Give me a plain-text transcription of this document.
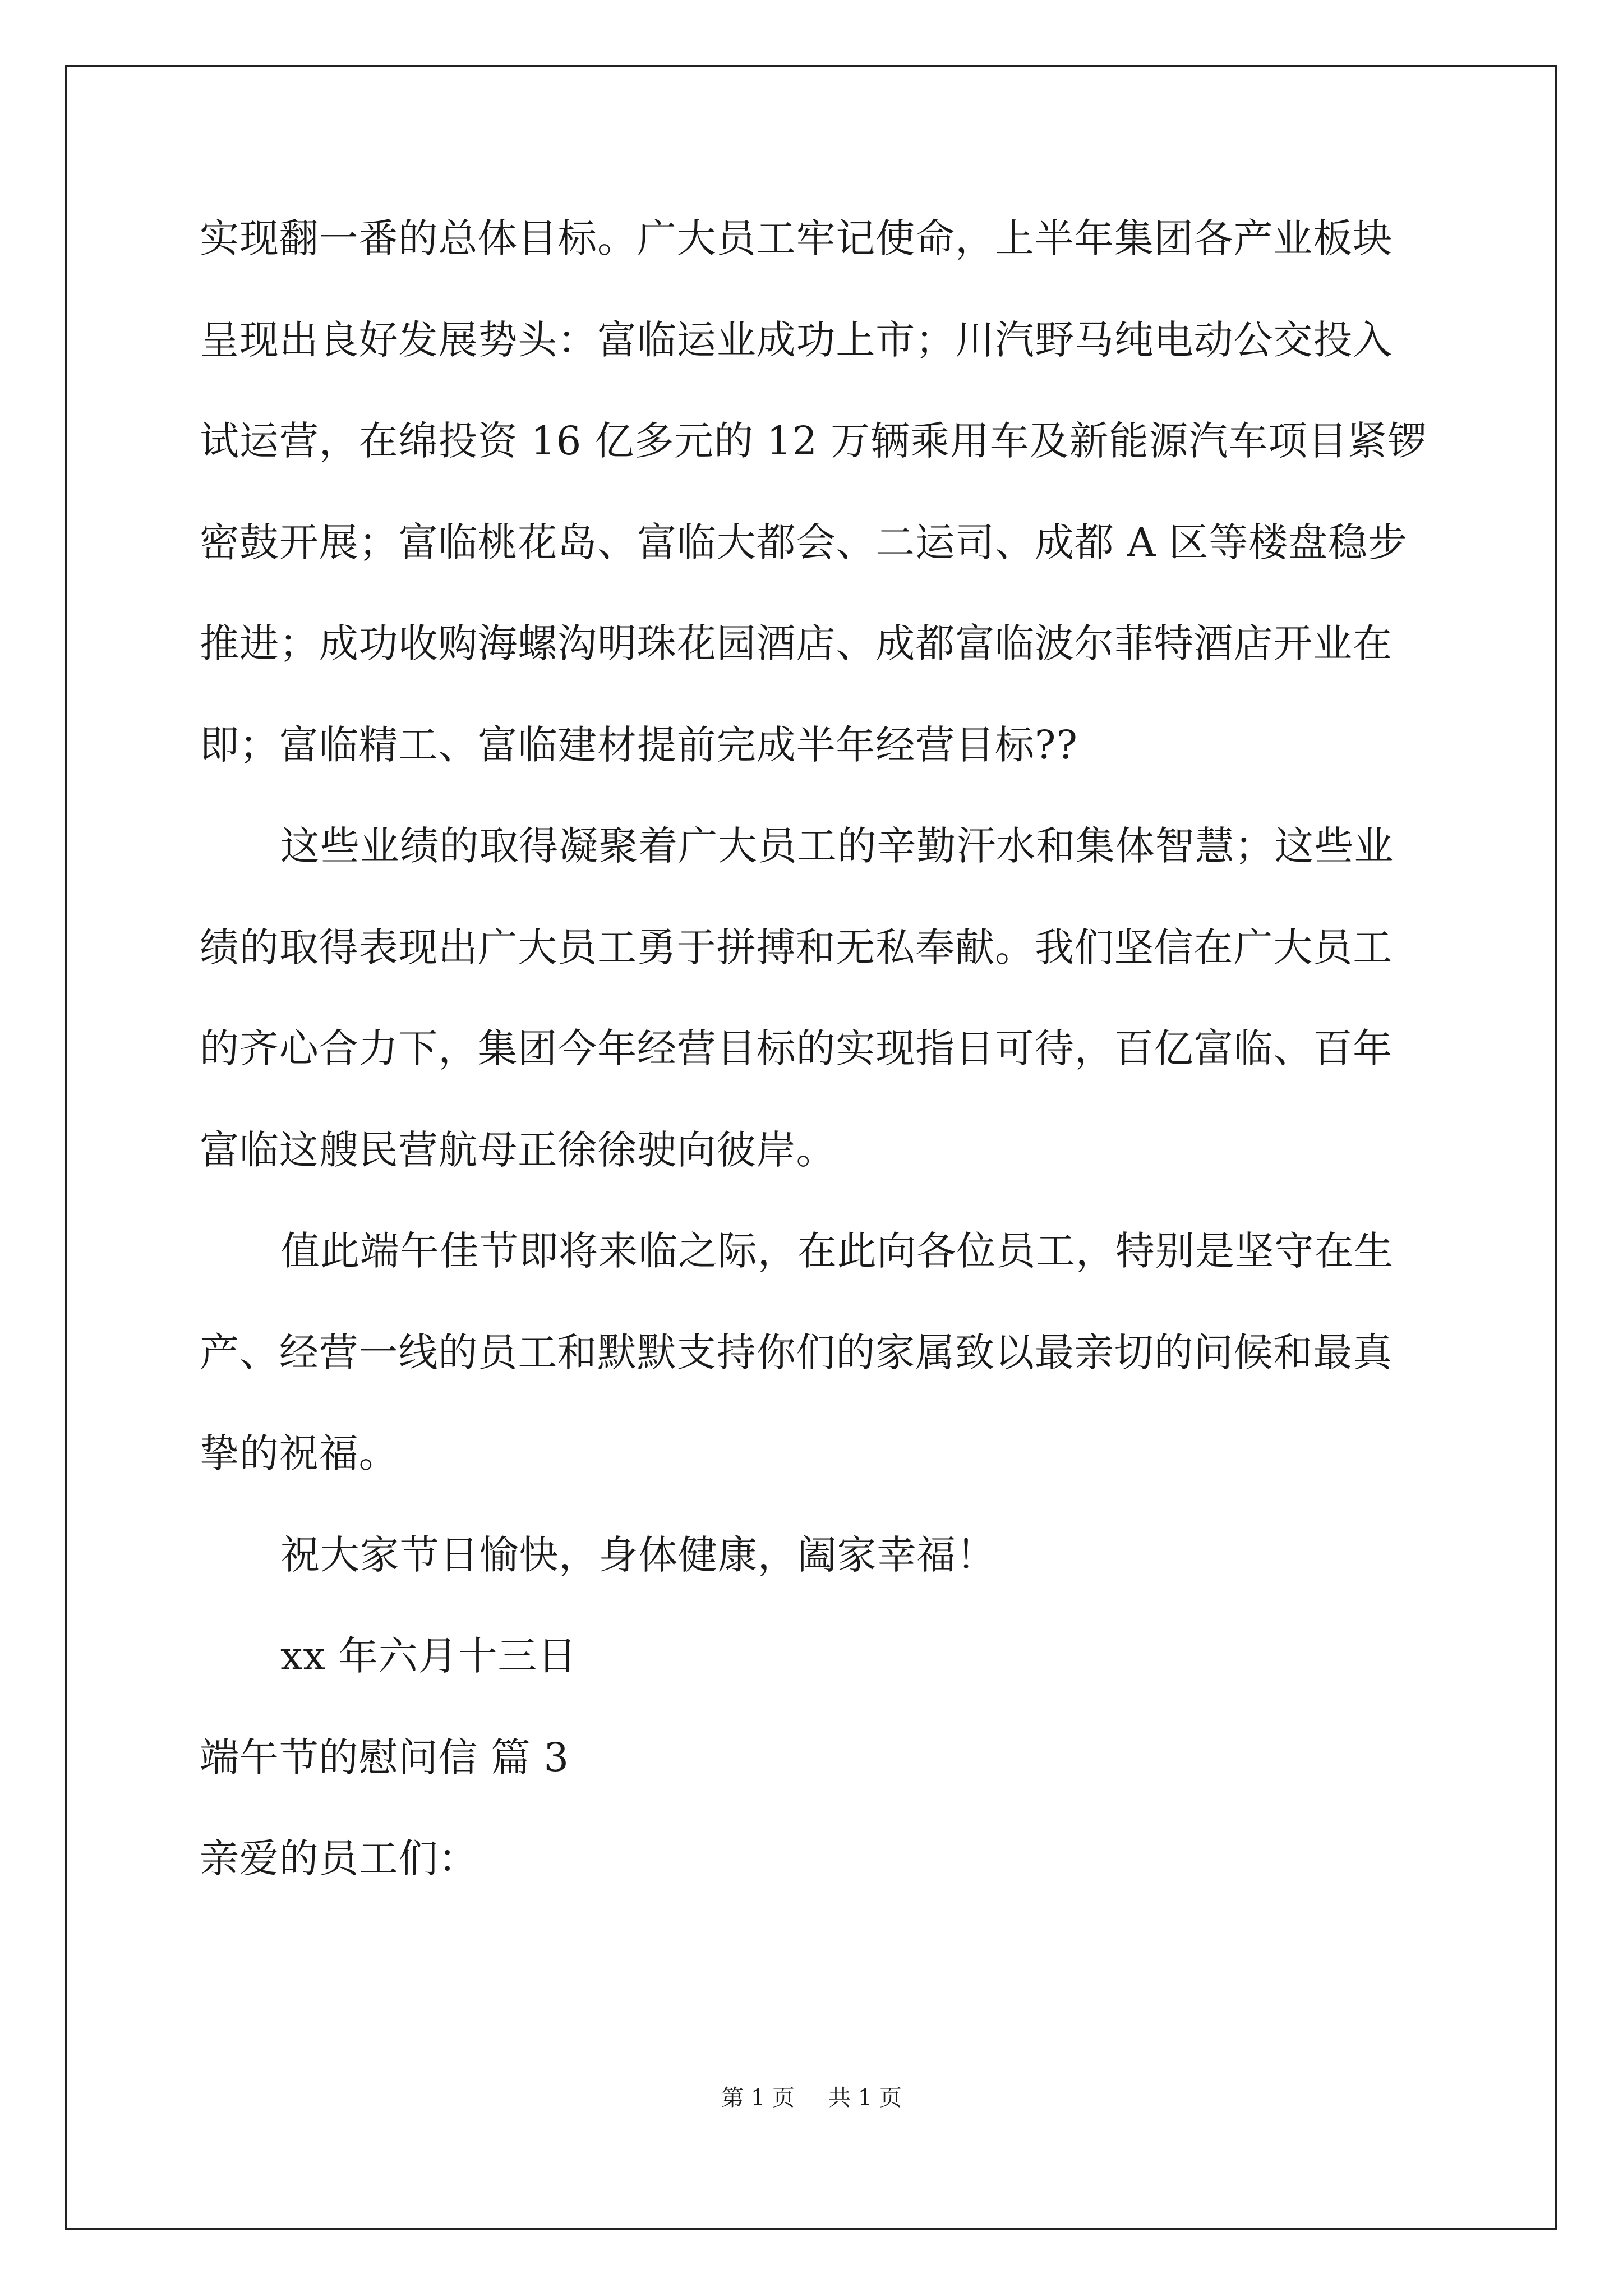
实现翻一番的总体目标。广大员工牢记使命，上半年集团各产业板块
呈现出良好发展势头：富临运业成功上市；川汽野马纯电动公交投入
试运营，在绵投资 16 亿多元的 12 万辆乘用车及新能源汽车项目紧锣
密鼓开展；富临桃花岛、富临大都会、二运司、成都 A 区等楼盘稳步
推进；成功收购海螺沟明珠花园酒店、成都富临波尔菲特酒店开业在
即；富临精工、富临建材提前完成半年经营目标??
这些业绩的取得凝聚着广大员工的辛勤汗水和集体智慧；这些业
绩的取得表现出广大员工勇于拼搏和无私奉献。我们坚信在广大员工
的齐心合力下，集团今年经营目标的实现指日可待，百亿富临、百年
富临这艘民营航母正徐徐驶向彼岸。
值此端午佳节即将来临之际，在此向各位员工，特别是坚守在生
产、经营一线的员工和默默支持你们的家属致以最亲切的问候和最真
挚的祝福。
祝大家节日愉快，身体健康，阖家幸福！
xx 年六月十三日
端午节的慰问信 篇 3
亲爱的员工们：
第 1 页 共 1 页
